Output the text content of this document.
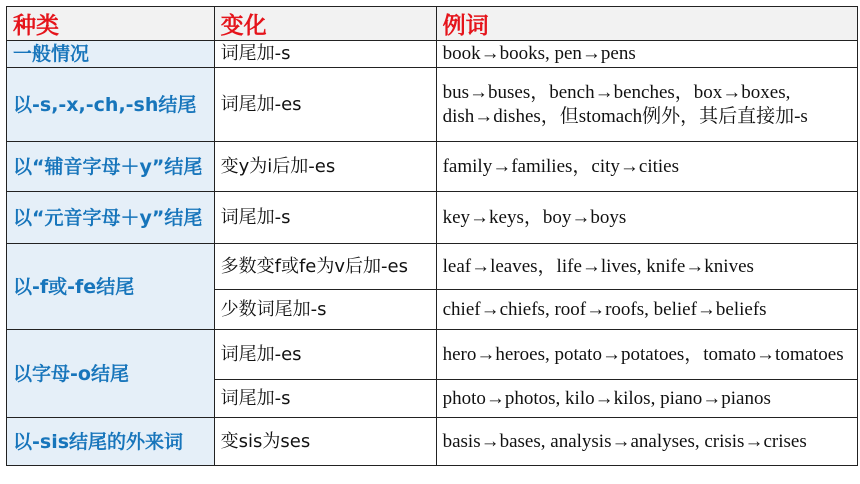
种类	变化	例词
一般情况	词尾加-s	book→books, pen→pens
以-s,-x,-ch,-sh结尾	词尾加-es	bus→buses，bench→benches，box→boxes, dish→dishes，但stomach例外，其后直接加-s
以“辅音字母＋y”结尾	变y为i后加-es	family→families，city→cities
以“元音字母＋y”结尾	词尾加-s	key→keys，boy→boys
以-f或-fe结尾	多数变f或fe为v后加-es	leaf→leaves，life→lives, knife→knives
	少数词尾加-s	chief→chiefs, roof→roofs, belief→beliefs
以字母-o结尾	词尾加-es	hero→heroes, potato→potatoes，tomato→tomatoes
	词尾加-s	photo→photos, kilo→kilos, piano→pianos
以-sis结尾的外来词	变sis为ses	basis→bases, analysis→analyses, crisis→crises
